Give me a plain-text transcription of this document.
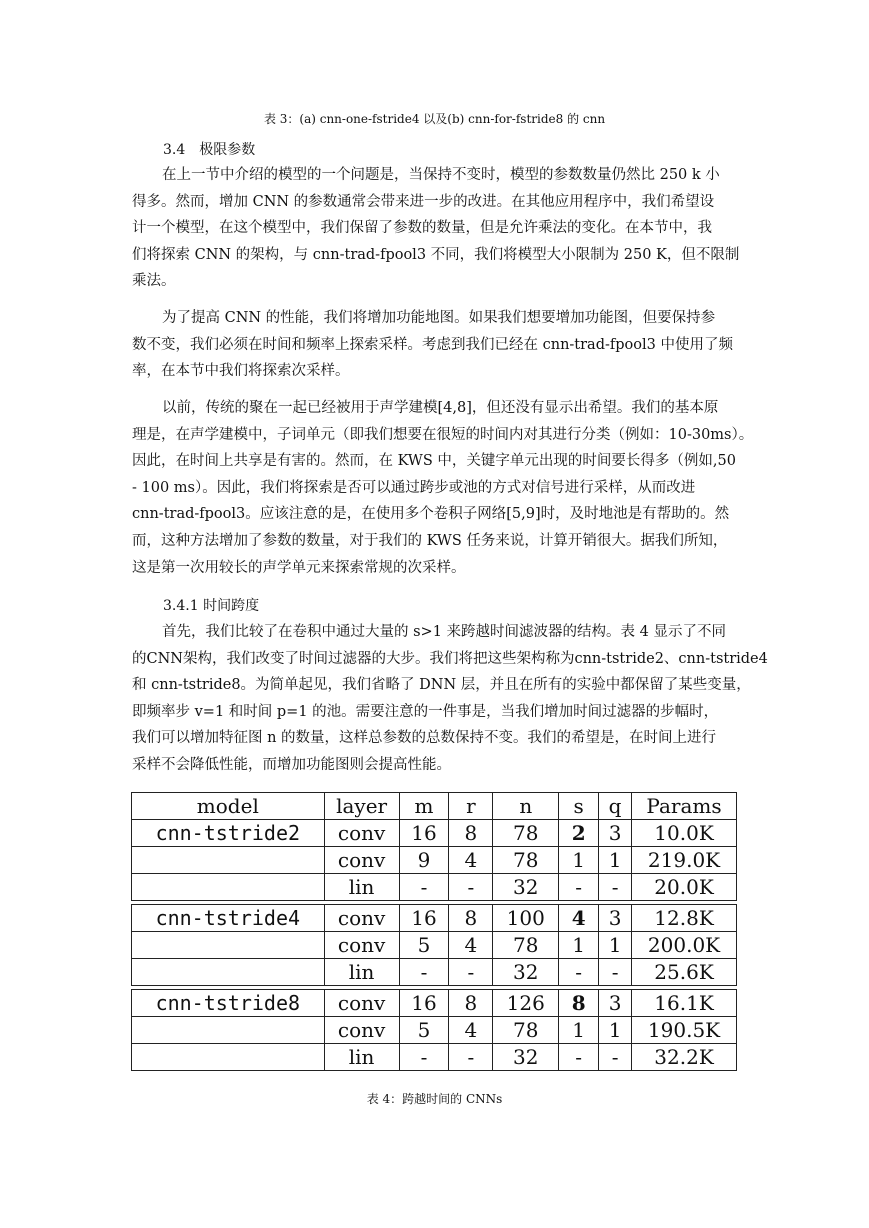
表 3：(a) cnn-one-fstride4 以及(b) cnn-for-fstride8 的 cnn
3.4　极限参数
在上一节中介绍的模型的一个问题是，当保持不变时，模型的参数数量仍然比 250 k 小
得多。然而，增加 CNN 的参数通常会带来进一步的改进。在其他应用程序中，我们希望设
计一个模型，在这个模型中，我们保留了参数的数量，但是允许乘法的变化。在本节中，我
们将探索 CNN 的架构，与 cnn-trad-fpool3 不同，我们将模型大小限制为 250 K，但不限制
乘法。
为了提高 CNN 的性能，我们将增加功能地图。如果我们想要增加功能图，但要保持参
数不变，我们必须在时间和频率上探索采样。考虑到我们已经在 cnn-trad-fpool3 中使用了频
率，在本节中我们将探索次采样。
以前，传统的聚在一起已经被用于声学建模[4,8]，但还没有显示出希望。我们的基本原
理是，在声学建模中，子词单元（即我们想要在很短的时间内对其进行分类（例如：10-30ms）。
因此，在时间上共享是有害的。然而，在 KWS 中，关键字单元出现的时间要长得多（例如,50
- 100 ms）。因此，我们将探索是否可以通过跨步或池的方式对信号进行采样，从而改进
cnn-trad-fpool3。应该注意的是，在使用多个卷积子网络[5,9]时，及时地池是有帮助的。然
而，这种方法增加了参数的数量，对于我们的 KWS 任务来说，计算开销很大。据我们所知，
这是第一次用较长的声学单元来探索常规的次采样。
3.4.1 时间跨度
首先，我们比较了在卷积中通过大量的 s>1 来跨越时间滤波器的结构。表 4 显示了不同
的CNN架构，我们改变了时间过滤器的大步。我们将把这些架构称为cnn-tstride2、cnn-tstride4
和 cnn-tstride8。为简单起见，我们省略了 DNN 层，并且在所有的实验中都保留了某些变量，
即频率步 v=1 和时间 p=1 的池。需要注意的一件事是，当我们增加时间过滤器的步幅时，
我们可以增加特征图 n 的数量，这样总参数的总数保持不变。我们的希望是，在时间上进行
采样不会降低性能，而增加功能图则会提高性能。
model	layer	m	r	n	s	q	Params
cnn-tstride2	conv	16	8	78	2	3	10.0K
	conv	9	4	78	1	1	219.0K
	lin	-	-	32	-	-	20.0K

cnn-tstride4	conv	16	8	100	4	3	12.8K
	conv	5	4	78	1	1	200.0K
	lin	-	-	32	-	-	25.6K

cnn-tstride8	conv	16	8	126	8	3	16.1K
	conv	5	4	78	1	1	190.5K
	lin	-	-	32	-	-	32.2K
表 4：跨越时间的 CNNs
